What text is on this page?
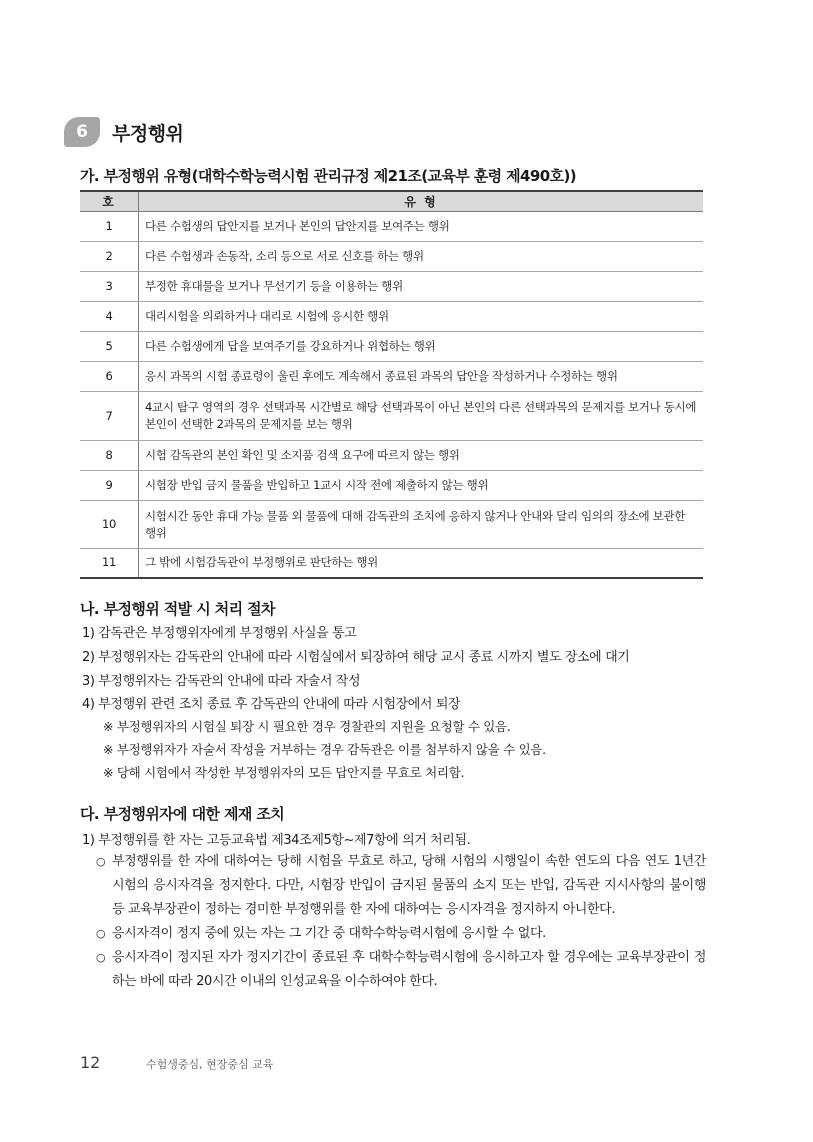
6	부정행위
가. 부정행위 유형(대학수학능력시험 관리규정 제21조(교육부 훈령 제490호))
호	유 형
1	다른 수험생의 답안지를 보거나 본인의 답안지를 보여주는 행위
2	다른 수험생과 손동작, 소리 등으로 서로 신호를 하는 행위
3	부정한 휴대물을 보거나 무선기기 등을 이용하는 행위
4	대리시험을 의뢰하거나 대리로 시험에 응시한 행위
5	다른 수험생에게 답을 보여주기를 강요하거나 위협하는 행위
6	응시 과목의 시험 종료령이 울린 후에도 계속해서 종료된 과목의 답안을 작성하거나 수정하는 행위
7	4교시 탐구 영역의 경우 선택과목 시간별로 해당 선택과목이 아닌 본인의 다른 선택과목의 문제지를 보거나 동시에 본인이 선택한 2과목의 문제지를 보는 행위
8	시험 감독관의 본인 확인 및 소지품 검색 요구에 따르지 않는 행위
9	시험장 반입 금지 물품을 반입하고 1교시 시작 전에 제출하지 않는 행위
10	시험시간 동안 휴대 가능 물품 외 물품에 대해 감독관의 조치에 응하지 않거나 안내와 달리 임의의 장소에 보관한 행위
11	그 밖에 시험감독관이 부정행위로 판단하는 행위
나. 부정행위 적발 시 처리 절차
1) 감독관은 부정행위자에게 부정행위 사실을 통고
2) 부정행위자는 감독관의 안내에 따라 시험실에서 퇴장하여 해당 교시 종료 시까지 별도 장소에 대기
3) 부정행위자는 감독관의 안내에 따라 자술서 작성
4) 부정행위 관련 조치 종료 후 감독관의 안내에 따라 시험장에서 퇴장
※ 부정행위자의 시험실 퇴장 시 필요한 경우 경찰관의 지원을 요청할 수 있음.
※ 부정행위자가 자술서 작성을 거부하는 경우 감독관은 이를 첨부하지 않을 수 있음.
※ 당해 시험에서 작성한 부정행위자의 모든 답안지를 무효로 처리함.
다. 부정행위자에 대한 제재 조치
1) 부정행위를 한 자는 고등교육법 제34조제5항~제7항에 의거 처리됨.
○ 부정행위를 한 자에 대하여는 당해 시험을 무효로 하고, 당해 시험의 시행일이 속한 연도의 다음 연도 1년간 시험의 응시자격을 정지한다. 다만, 시험장 반입이 금지된 물품의 소지 또는 반입, 감독관 지시사항의 불이행 등 교육부장관이 정하는 경미한 부정행위를 한 자에 대하여는 응시자격을 정지하지 아니한다.
○ 응시자격이 정지 중에 있는 자는 그 기간 중 대학수학능력시험에 응시할 수 없다.
○ 응시자격이 정지된 자가 정지기간이 종료된 후 대학수학능력시험에 응시하고자 할 경우에는 교육부장관이 정하는 바에 따라 20시간 이내의 인성교육을 이수하여야 한다.
12	수험생중심, 현장중심 교육
